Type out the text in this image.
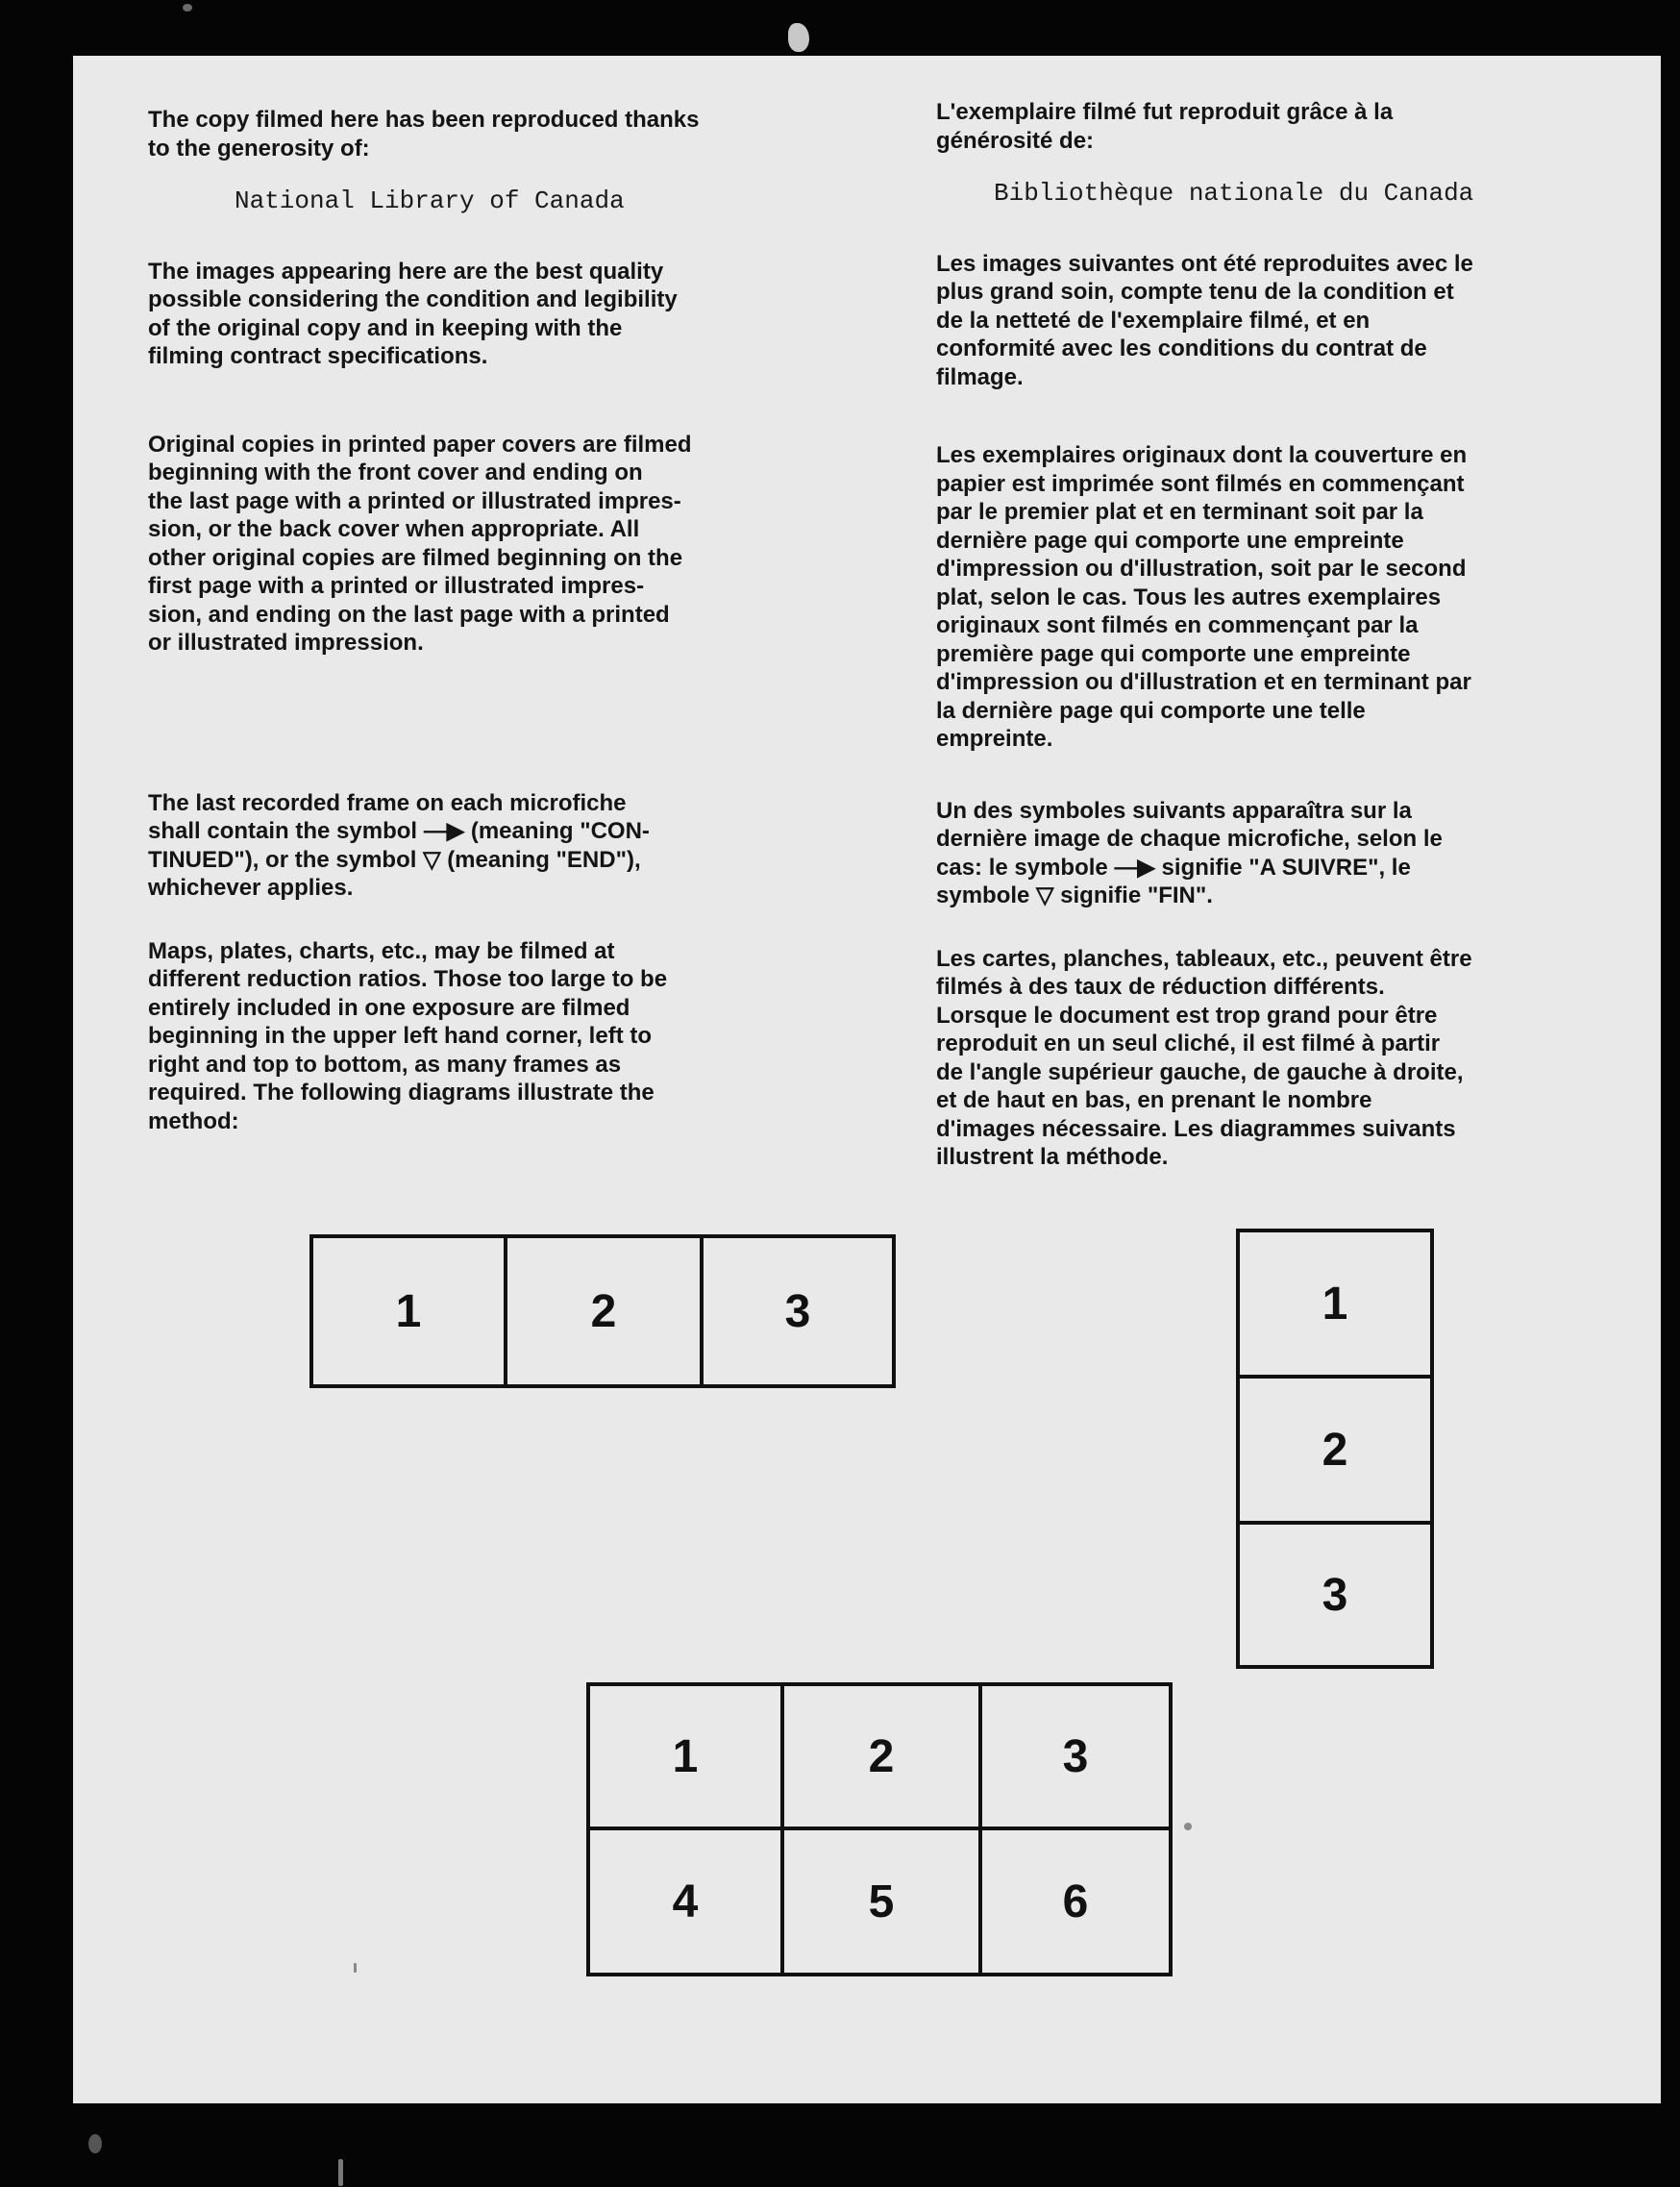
The copy filmed here has been reproduced thanks
to the generosity of:

National Library of Canada

The images appearing here are the best quality
possible considering the condition and legibility
of the original copy and in keeping with the
filming contract specifications.

Original copies in printed paper covers are filmed
beginning with the front cover and ending on
the last page with a printed or illustrated impres-
sion, or the back cover when appropriate. All
other original copies are filmed beginning on the
first page with a printed or illustrated impres-
sion, and ending on the last page with a printed
or illustrated impression.

The last recorded frame on each microfiche
shall contain the symbol —▶ (meaning "CON-
TINUED"), or the symbol ▽ (meaning "END"),
whichever applies.

Maps, plates, charts, etc., may be filmed at
different reduction ratios. Those too large to be
entirely included in one exposure are filmed
beginning in the upper left hand corner, left to
right and top to bottom, as many frames as
required. The following diagrams illustrate the
method:

L'exemplaire filmé fut reproduit grâce à la
générosité de:

Bibliothèque nationale du Canada

Les images suivantes ont été reproduites avec le
plus grand soin, compte tenu de la condition et
de la netteté de l'exemplaire filmé, et en
conformité avec les conditions du contrat de
filmage.

Les exemplaires originaux dont la couverture en
papier est imprimée sont filmés en commençant
par le premier plat et en terminant soit par la
dernière page qui comporte une empreinte
d'impression ou d'illustration, soit par le second
plat, selon le cas. Tous les autres exemplaires
originaux sont filmés en commençant par la
première page qui comporte une empreinte
d'impression ou d'illustration et en terminant par
la dernière page qui comporte une telle
empreinte.

Un des symboles suivants apparaîtra sur la
dernière image de chaque microfiche, selon le
cas: le symbole —▶ signifie "A SUIVRE", le
symbole ▽ signifie "FIN".

Les cartes, planches, tableaux, etc., peuvent être
filmés à des taux de réduction différents.
Lorsque le document est trop grand pour être
reproduit en un seul cliché, il est filmé à partir
de l'angle supérieur gauche, de gauche à droite,
et de haut en bas, en prenant le nombre
d'images nécessaire. Les diagrammes suivants
illustrent la méthode.

1	2	3	1
2
3
1	2	3
4	5	6
